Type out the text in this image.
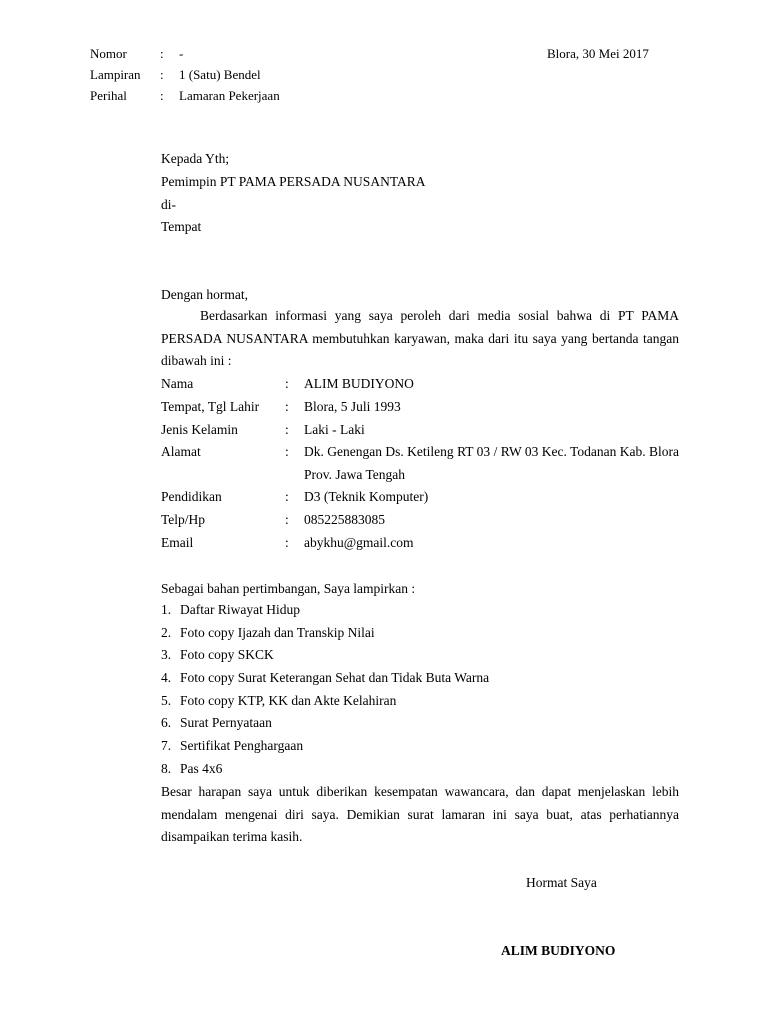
Nomor	: -
Lampiran : 1 (Satu) Bendel
Perihal	: Lamaran Pekerjaan
Blora, 30 Mei 2017
Kepada Yth;
Pemimpin PT PAMA PERSADA NUSANTARA
di-
Tempat
Dengan hormat,
Berdasarkan informasi yang saya peroleh dari media sosial bahwa di PT PAMA PERSADA NUSANTARA membutuhkan karyawan, maka dari itu saya yang bertanda tangan dibawah ini :
Nama	: ALIM BUDIYONO
Tempat, Tgl Lahir : Blora, 5 Juli 1993
Jenis Kelamin	: Laki - Laki
Alamat	: Dk. Genengan Ds. Ketileng RT 03 / RW 03 Kec. Todanan Kab. Blora Prov. Jawa Tengah
Pendidikan	: D3 (Teknik Komputer)
Telp/Hp	: 085225883085
Email	: abykhu@gmail.com
Sebagai bahan pertimbangan, Saya lampirkan :
1. Daftar Riwayat Hidup
2. Foto copy Ijazah dan Transkip Nilai
3. Foto copy SKCK
4. Foto copy Surat Keterangan Sehat dan Tidak Buta Warna
5. Foto copy KTP, KK dan Akte Kelahiran
6. Surat Pernyataan
7. Sertifikat Penghargaan
8. Pas 4x6
Besar harapan saya untuk diberikan kesempatan wawancara, dan dapat menjelaskan lebih mendalam mengenai diri saya. Demikian surat lamaran ini saya buat, atas perhatiannya disampaikan terima kasih.
Hormat Saya
ALIM BUDIYONO
